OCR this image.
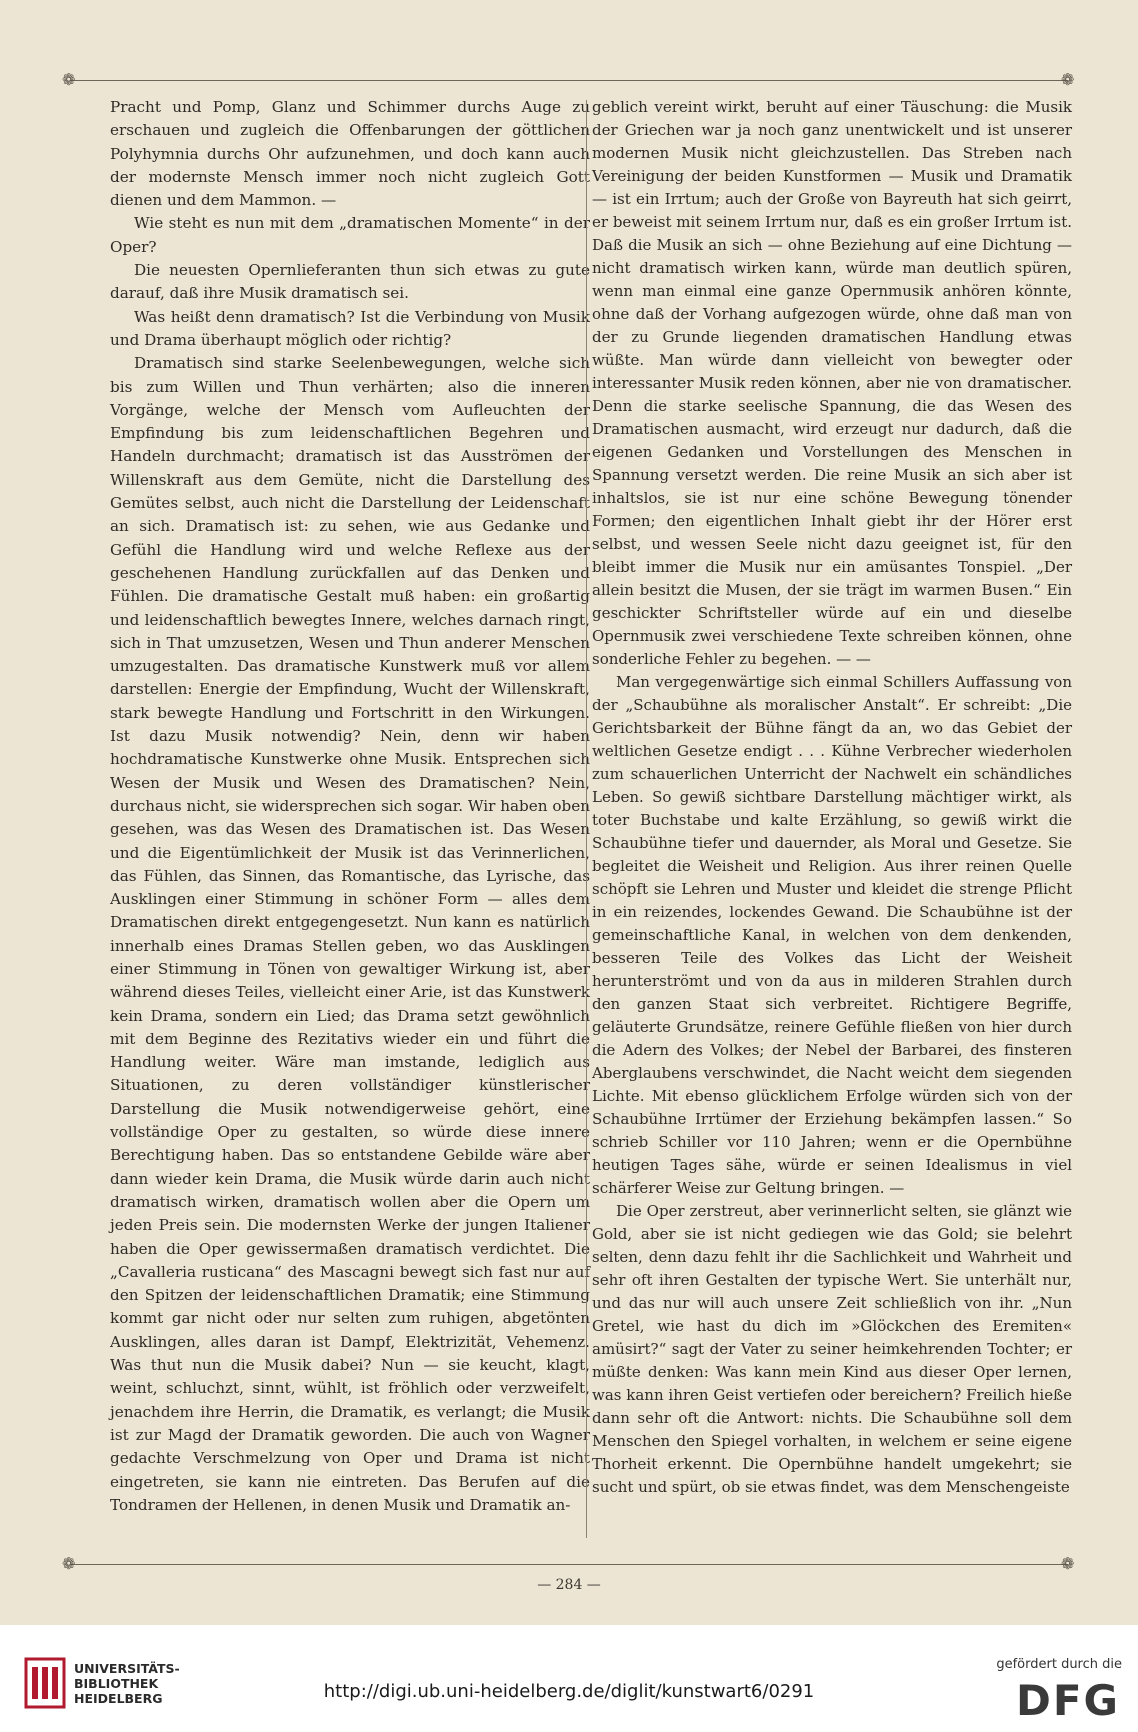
❁	❁
❁	❁

Pracht und Pomp, Glanz und Schimmer durchs Auge zu erschauen und zugleich die Offenbarungen der göttlichen Polyhymnia durchs Ohr aufzunehmen, und doch kann auch der modernste Mensch immer noch nicht zugleich Gott dienen und dem Mammon. —

Wie steht es nun mit dem „dramatischen Momente“ in der Oper?

Die neuesten Opernlieferanten thun sich etwas zu gute darauf, daß ihre Musik dramatisch sei.

Was heißt denn dramatisch? Ist die Verbindung von Musik und Drama überhaupt möglich oder richtig?

Dramatisch sind starke Seelenbewegungen, welche sich bis zum Willen und Thun verhärten; also die inneren Vorgänge, welche der Mensch vom Aufleuchten der Empfindung bis zum leidenschaftlichen Begehren und Handeln durchmacht; dramatisch ist das Ausströmen der Willenskraft aus dem Gemüte, nicht die Darstellung des Gemütes selbst, auch nicht die Darstellung der Leidenschaft an sich. Dramatisch ist: zu sehen, wie aus Gedanke und Gefühl die Handlung wird und welche Reflexe aus der geschehenen Handlung zurückfallen auf das Denken und Fühlen. Die dramatische Gestalt muß haben: ein großartig und leidenschaftlich bewegtes Innere, welches darnach ringt, sich in That umzusetzen, Wesen und Thun anderer Menschen umzugestalten. Das dramatische Kunstwerk muß vor allem darstellen: Energie der Empfindung, Wucht der Willenskraft, stark bewegte Handlung und Fortschritt in den Wirkungen. Ist dazu Musik notwendig? Nein, denn wir haben hochdramatische Kunstwerke ohne Musik. Entsprechen sich Wesen der Musik und Wesen des Dramatischen? Nein, durchaus nicht, sie widersprechen sich sogar. Wir haben oben gesehen, was das Wesen des Dramatischen ist. Das Wesen und die Eigentümlichkeit der Musik ist das Verinnerlichen, das Fühlen, das Sinnen, das Romantische, das Lyrische, das Ausklingen einer Stimmung in schöner Form — alles dem Dramatischen direkt entgegengesetzt. Nun kann es natürlich innerhalb eines Dramas Stellen geben, wo das Ausklingen einer Stimmung in Tönen von gewaltiger Wirkung ist, aber während dieses Teiles, vielleicht einer Arie, ist das Kunstwerk kein Drama, sondern ein Lied; das Drama setzt gewöhnlich mit dem Beginne des Rezitativs wieder ein und führt die Handlung weiter. Wäre man imstande, lediglich aus Situationen, zu deren vollständiger künstlerischer Darstellung die Musik notwendigerweise gehört, eine vollständige Oper zu gestalten, so würde diese innere Berechtigung haben. Das so entstandene Gebilde wäre aber dann wieder kein Drama, die Musik würde darin auch nicht dramatisch wirken, dramatisch wollen aber die Opern um jeden Preis sein. Die modernsten Werke der jungen Italiener haben die Oper gewissermaßen dramatisch verdichtet. Die „Cavalleria rusticana“ des Mascagni bewegt sich fast nur auf den Spitzen der leidenschaftlichen Dramatik; eine Stimmung kommt gar nicht oder nur selten zum ruhigen, abgetönten Ausklingen, alles daran ist Dampf, Elektrizität, Vehemenz. Was thut nun die Musik dabei? Nun — sie keucht, klagt, weint, schluchzt, sinnt, wühlt, ist fröhlich oder verzweifelt, jenachdem ihre Herrin, die Dramatik, es verlangt; die Musik ist zur Magd der Dramatik geworden. Die auch von Wagner gedachte Verschmelzung von Oper und Drama ist nicht eingetreten, sie kann nie eintreten. Das Berufen auf die Tondramen der Hellenen, in denen Musik und Dramatik an-

geblich vereint wirkt, beruht auf einer Täuschung: die Musik der Griechen war ja noch ganz unentwickelt und ist unserer modernen Musik nicht gleichzustellen. Das Streben nach Vereinigung der beiden Kunstformen — Musik und Dramatik — ist ein Irrtum; auch der Große von Bayreuth hat sich geirrt, er beweist mit seinem Irrtum nur, daß es ein großer Irrtum ist. Daß die Musik an sich — ohne Beziehung auf eine Dichtung — nicht dramatisch wirken kann, würde man deutlich spüren, wenn man einmal eine ganze Opernmusik anhören könnte, ohne daß der Vorhang aufgezogen würde, ohne daß man von der zu Grunde liegenden dramatischen Handlung etwas wüßte. Man würde dann vielleicht von bewegter oder interessanter Musik reden können, aber nie von dramatischer. Denn die starke seelische Spannung, die das Wesen des Dramatischen ausmacht, wird erzeugt nur dadurch, daß die eigenen Gedanken und Vorstellungen des Menschen in Spannung versetzt werden. Die reine Musik an sich aber ist inhaltslos, sie ist nur eine schöne Bewegung tönender Formen; den eigentlichen Inhalt giebt ihr der Hörer erst selbst, und wessen Seele nicht dazu geeignet ist, für den bleibt immer die Musik nur ein amüsantes Tonspiel. „Der allein besitzt die Musen, der sie trägt im warmen Busen.“ Ein geschickter Schriftsteller würde auf ein und dieselbe Opernmusik zwei verschiedene Texte schreiben können, ohne sonderliche Fehler zu begehen. — —

Man vergegenwärtige sich einmal Schillers Auffassung von der „Schaubühne als moralischer Anstalt“. Er schreibt: „Die Gerichtsbarkeit der Bühne fängt da an, wo das Gebiet der weltlichen Gesetze endigt . . . Kühne Verbrecher wiederholen zum schauerlichen Unterricht der Nachwelt ein schändliches Leben. So gewiß sichtbare Darstellung mächtiger wirkt, als toter Buchstabe und kalte Erzählung, so gewiß wirkt die Schaubühne tiefer und dauernder, als Moral und Gesetze. Sie begleitet die Weisheit und Religion. Aus ihrer reinen Quelle schöpft sie Lehren und Muster und kleidet die strenge Pflicht in ein reizendes, lockendes Gewand. Die Schaubühne ist der gemeinschaftliche Kanal, in welchen von dem denkenden, besseren Teile des Volkes das Licht der Weisheit herunterströmt und von da aus in milderen Strahlen durch den ganzen Staat sich verbreitet. Richtigere Begriffe, geläuterte Grundsätze, reinere Gefühle fließen von hier durch die Adern des Volkes; der Nebel der Barbarei, des finsteren Aberglaubens verschwindet, die Nacht weicht dem siegenden Lichte. Mit ebenso glücklichem Erfolge würden sich von der Schaubühne Irrtümer der Erziehung bekämpfen lassen.“ So schrieb Schiller vor 110 Jahren; wenn er die Opernbühne heutigen Tages sähe, würde er seinen Idealismus in viel schärferer Weise zur Geltung bringen. —

Die Oper zerstreut, aber verinnerlicht selten, sie glänzt wie Gold, aber sie ist nicht gediegen wie das Gold; sie belehrt selten, denn dazu fehlt ihr die Sachlichkeit und Wahrheit und sehr oft ihren Gestalten der typische Wert. Sie unterhält nur, und das nur will auch unsere Zeit schließlich von ihr. „Nun Gretel, wie hast du dich im »Glöckchen des Eremiten« amüsirt?“ sagt der Vater zu seiner heimkehrenden Tochter; er müßte denken: Was kann mein Kind aus dieser Oper lernen, was kann ihren Geist vertiefen oder bereichern? Freilich hieße dann sehr oft die Antwort: nichts. Die Schaubühne soll dem Menschen den Spiegel vorhalten, in welchem er seine eigene Thorheit erkennt. Die Opernbühne handelt umgekehrt; sie sucht und spürt, ob sie etwas findet, was dem Menschengeiste

— 284 —
UNIVERSITÄTS-
BIBLIOTHEK
HEIDELBERG	http://digi.ub.uni-heidelberg.de/diglit/kunstwart6/0291
gefördert durch die
DFG
